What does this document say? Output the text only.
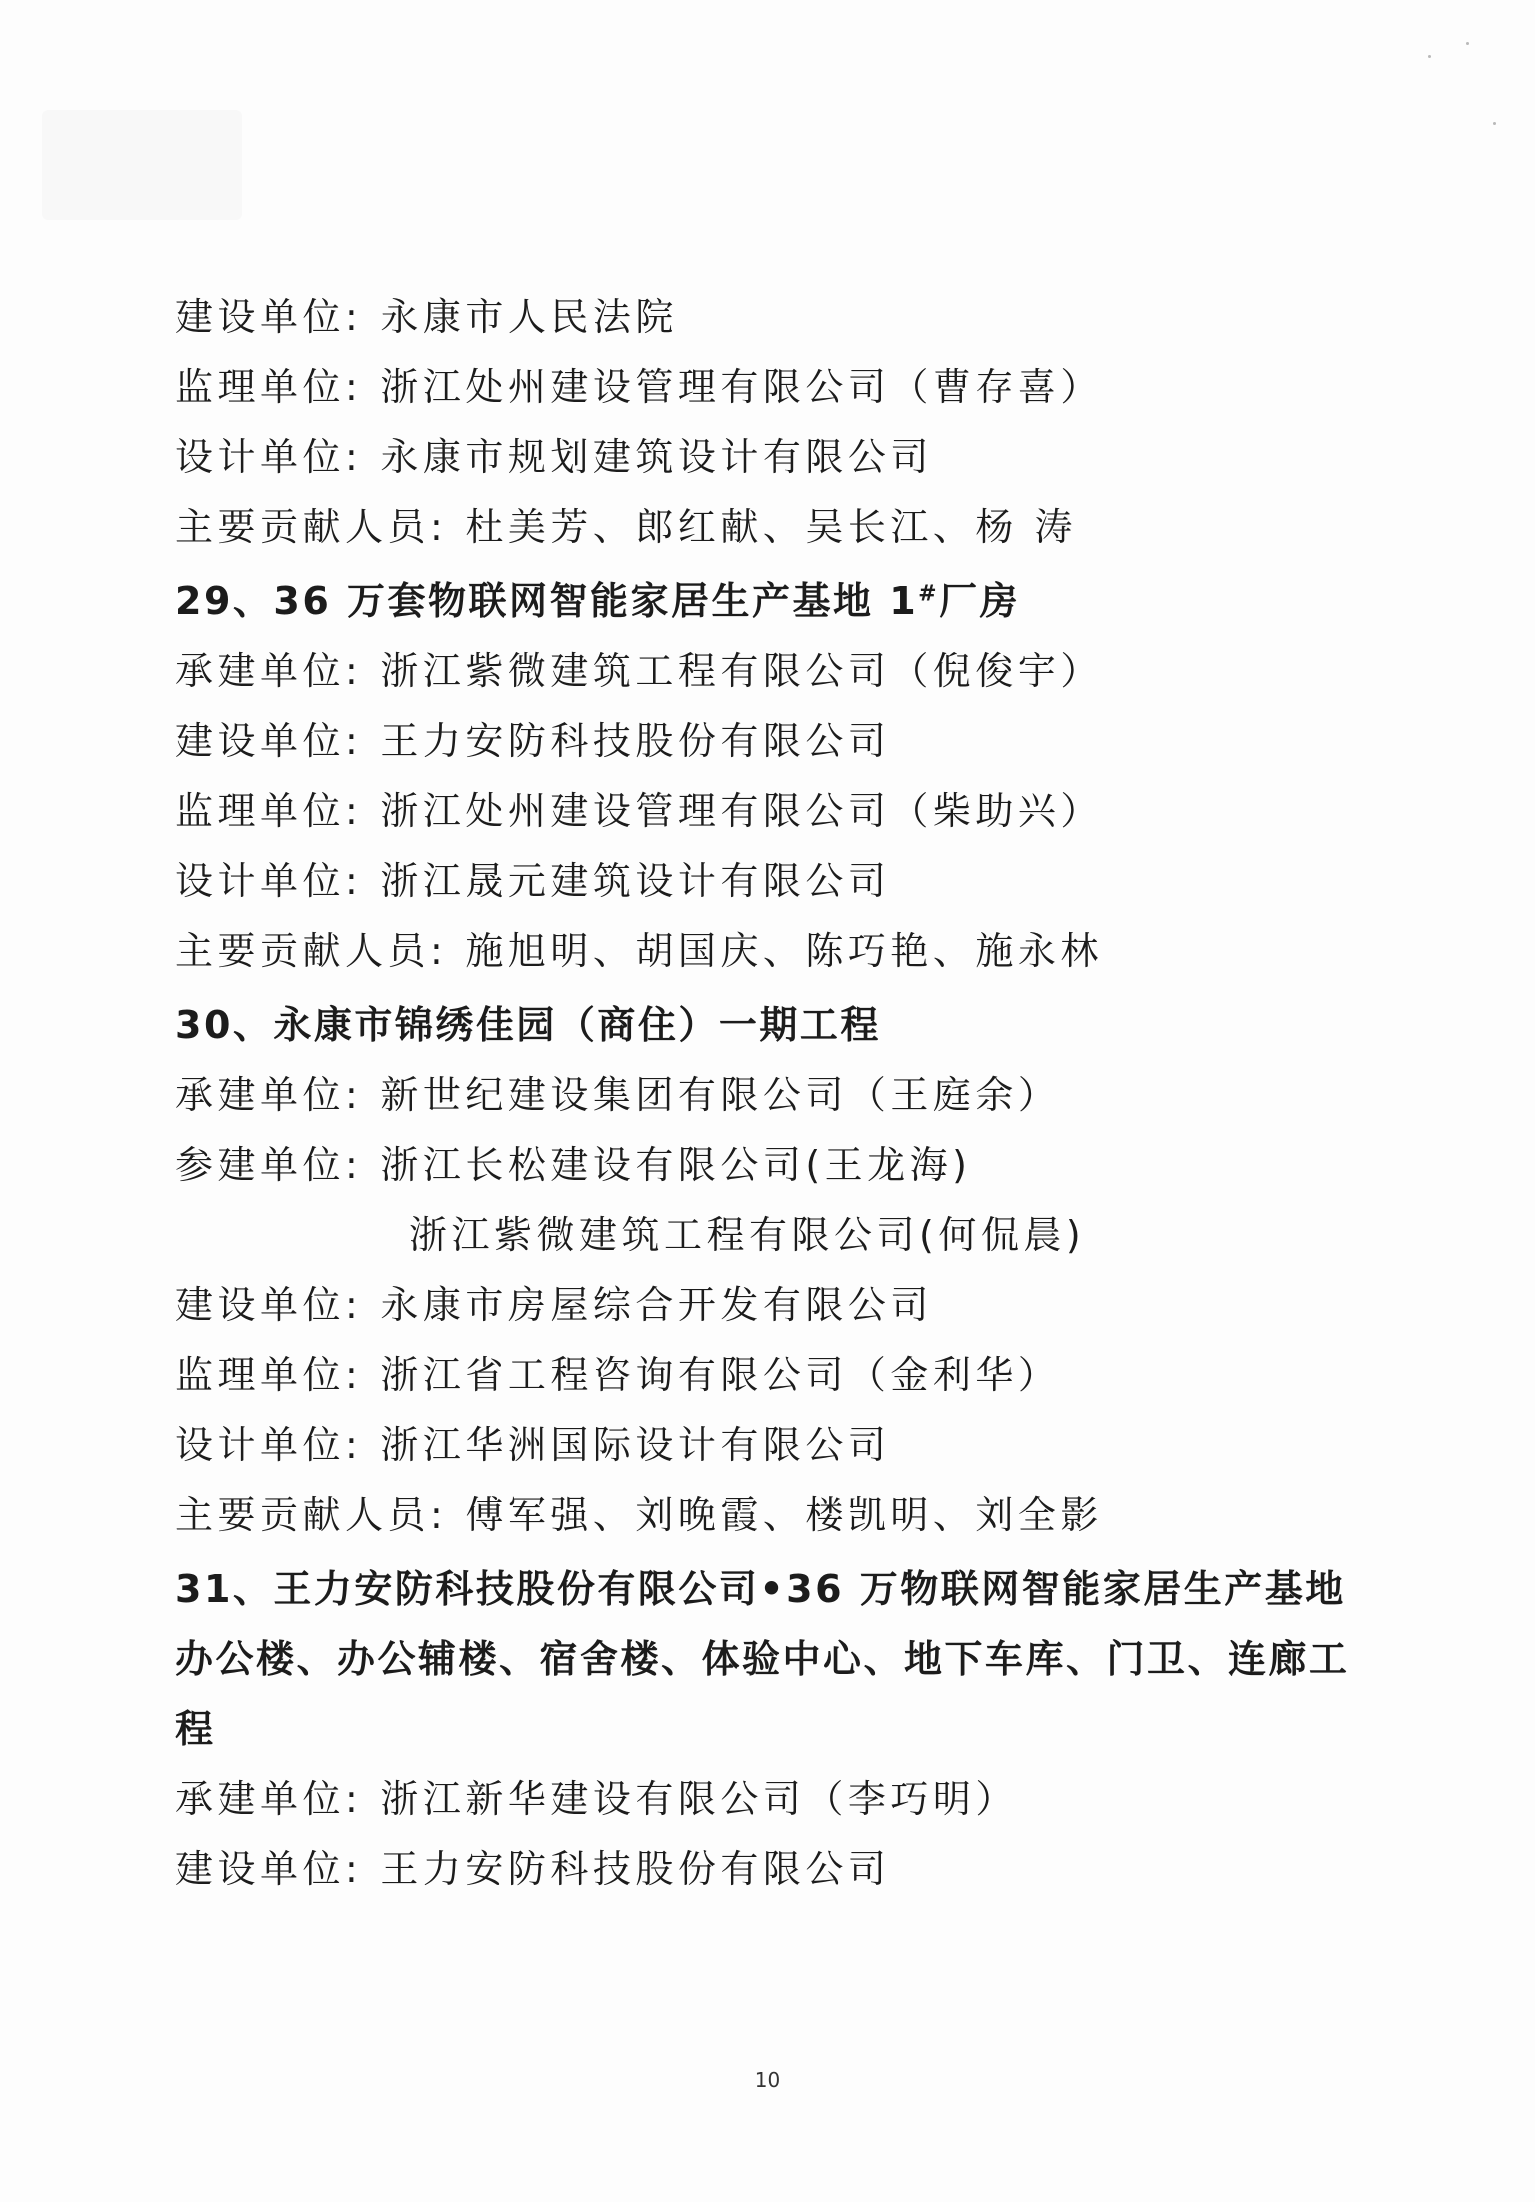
建设单位: 永康市人民法院
监理单位: 浙江处州建设管理有限公司（曹存喜）
设计单位: 永康市规划建筑设计有限公司
主要贡献人员: 杜美芳、郎红献、吴长江、杨 涛
29、36 万套物联网智能家居生产基地 1#厂房
承建单位: 浙江紫微建筑工程有限公司（倪俊宇）
建设单位: 王力安防科技股份有限公司
监理单位: 浙江处州建设管理有限公司（柴助兴）
设计单位: 浙江晟元建筑设计有限公司
主要贡献人员: 施旭明、胡国庆、陈巧艳、施永林
30、永康市锦绣佳园（商住）一期工程
承建单位: 新世纪建设集团有限公司（王庭余）
参建单位: 浙江长松建设有限公司(王龙海)
浙江紫微建筑工程有限公司(何侃晨)
建设单位: 永康市房屋综合开发有限公司
监理单位: 浙江省工程咨询有限公司（金利华）
设计单位: 浙江华洲国际设计有限公司
主要贡献人员: 傅军强、刘晚霞、楼凯明、刘全影
31、王力安防科技股份有限公司•36 万物联网智能家居生产基地办公楼、办公辅楼、宿舍楼、体验中心、地下车库、门卫、连廊工程
承建单位: 浙江新华建设有限公司（李巧明）
建设单位: 王力安防科技股份有限公司
10
